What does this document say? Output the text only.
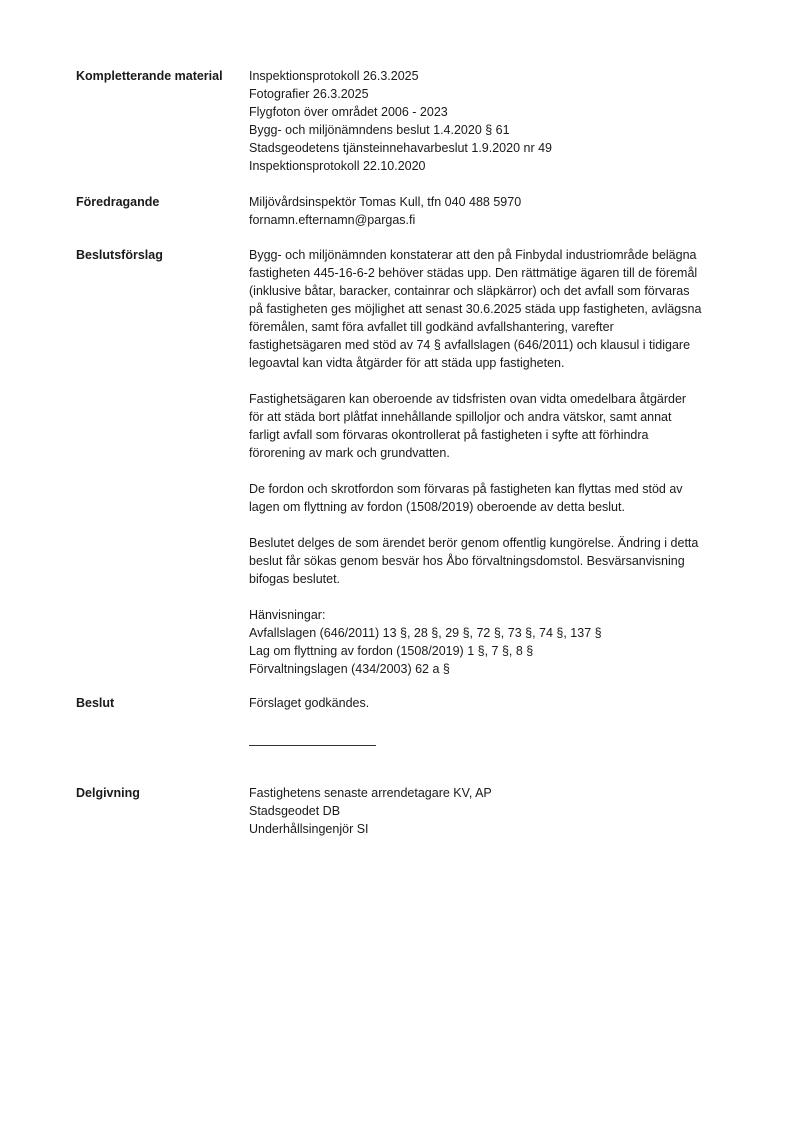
Kompletterande material	Inspektionsprotokoll 26.3.2025
Fotografier 26.3.2025
Flygfoton över området 2006 - 2023
Bygg- och miljönämndens beslut 1.4.2020 § 61
Stadsgeodetens tjänsteinnehavarbeslut 1.9.2020 nr 49
Inspektionsprotokoll 22.10.2020
Föredragande	Miljövårdsinspektör Tomas Kull, tfn 040 488 5970
fornamn.efternamn@pargas.fi
Beslutsförslag	Bygg- och miljönämnden konstaterar att den på Finbydal industriområde belägna
fastigheten 445-16-6-2 behöver städas upp. Den rättmätige ägaren till de föremål
(inklusive båtar, baracker, containrar och släpkärror) och det avfall som förvaras
på fastigheten ges möjlighet att senast 30.6.2025 städa upp fastigheten, avlägsna
föremålen, samt föra avfallet till godkänd avfallshantering, varefter
fastighetsägaren med stöd av 74 § avfallslagen (646/2011) och klausul i tidigare
legoavtal kan vidta åtgärder för att städa upp fastigheten.
Fastighetsägaren kan oberoende av tidsfristen ovan vidta omedelbara åtgärder
för att städa bort plåtfat innehållande spilloljor och andra vätskor, samt annat
farligt avfall som förvaras okontrollerat på fastigheten i syfte att förhindra
förorening av mark och grundvatten.
De fordon och skrotfordon som förvaras på fastigheten kan flyttas med stöd av
lagen om flyttning av fordon (1508/2019) oberoende av detta beslut.
Beslutet delges de som ärendet berör genom offentlig kungörelse. Ändring i detta
beslut får sökas genom besvär hos Åbo förvaltningsdomstol. Besvärsanvisning
bifogas beslutet.
Hänvisningar:
Avfallslagen (646/2011) 13 §, 28 §, 29 §, 72 §, 73 §, 74 §, 137 §
Lag om flyttning av fordon (1508/2019) 1 §, 7 §, 8 §
Förvaltningslagen (434/2003) 62 a §
Beslut	Förslaget godkändes.
Delgivning	Fastighetens senaste arrendetagare KV, AP
Stadsgeodet DB
Underhållsingenjör SI
